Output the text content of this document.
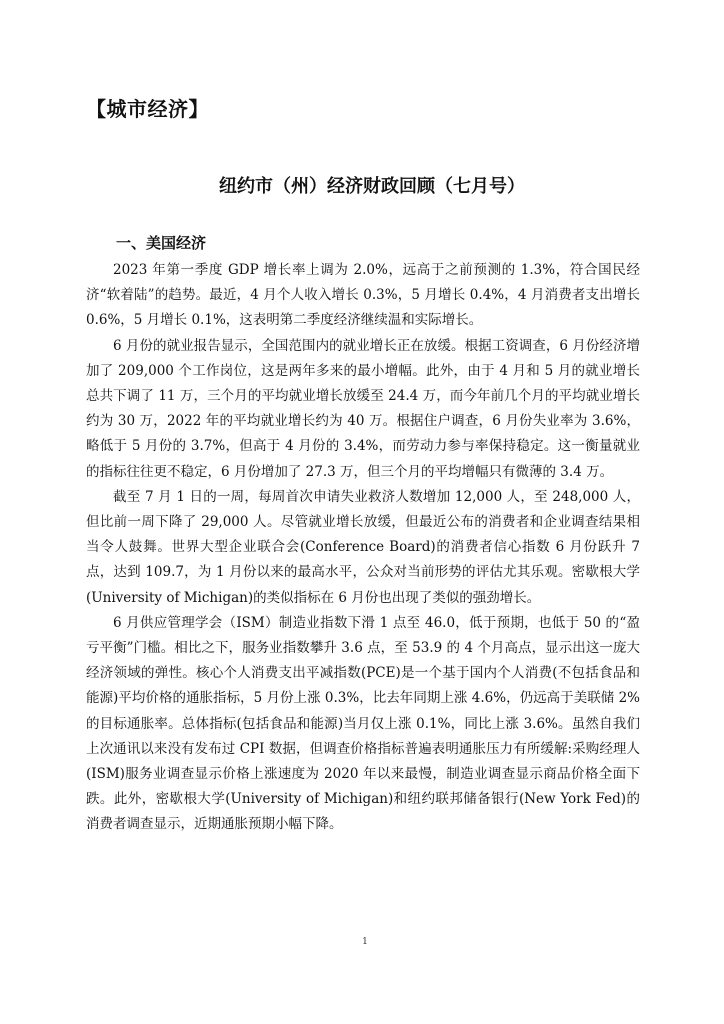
【城市经济】
纽约市（州）经济财政回顾（七月号）
一、美国经济

2023 年第一季度 GDP 增长率上调为 2.0%，远高于之前预测的 1.3%，符合国民经济“软着陆”的趋势。最近，4 月个人收入增长 0.3%，5 月增长 0.4%，4 月消费者支出增长 0.6%，5 月增长 0.1%，这表明第二季度经济继续温和实际增长。

6 月份的就业报告显示，全国范围内的就业增长正在放缓。根据工资调查，6 月份经济增加了 209,000 个工作岗位，这是两年多来的最小增幅。此外，由于 4 月和 5 月的就业增长总共下调了 11 万，三个月的平均就业增长放缓至 24.4 万，而今年前几个月的平均就业增长约为 30 万，2022 年的平均就业增长约为 40 万。根据住户调查，6 月份失业率为 3.6%，略低于 5 月份的 3.7%，但高于 4 月份的 3.4%，而劳动力参与率保持稳定。这一衡量就业的指标往往更不稳定，6 月份增加了 27.3 万，但三个月的平均增幅只有微薄的 3.4 万。

截至 7 月 1 日的一周，每周首次申请失业救济人数增加 12,000 人，至 248,000 人，但比前一周下降了 29,000 人。尽管就业增长放缓，但最近公布的消费者和企业调查结果相当令人鼓舞。世界大型企业联合会(Conference Board)的消费者信心指数 6 月份跃升 7 点，达到 109.7，为 1 月份以来的最高水平，公众对当前形势的评估尤其乐观。密歇根大学(University of Michigan)的类似指标在 6 月份也出现了类似的强劲增长。

6 月供应管理学会（ISM）制造业指数下滑 1 点至 46.0，低于预期，也低于 50 的“盈亏平衡”门槛。相比之下，服务业指数攀升 3.6 点，至 53.9 的 4 个月高点，显示出这一庞大经济领域的弹性。核心个人消费支出平减指数(PCE)是一个基于国内个人消费(不包括食品和能源)平均价格的通胀指标，5 月份上涨 0.3%，比去年同期上涨 4.6%，仍远高于美联储 2%的目标通胀率。总体指标(包括食品和能源)当月仅上涨 0.1%，同比上涨 3.6%。虽然自我们上次通讯以来没有发布过 CPI 数据，但调查价格指标普遍表明通胀压力有所缓解:采购经理人(ISM)服务业调查显示价格上涨速度为 2020 年以来最慢，制造业调查显示商品价格全面下跌。此外，密歇根大学(University of Michigan)和纽约联邦储备银行(New York Fed)的消费者调查显示，近期通胀预期小幅下降。

1
